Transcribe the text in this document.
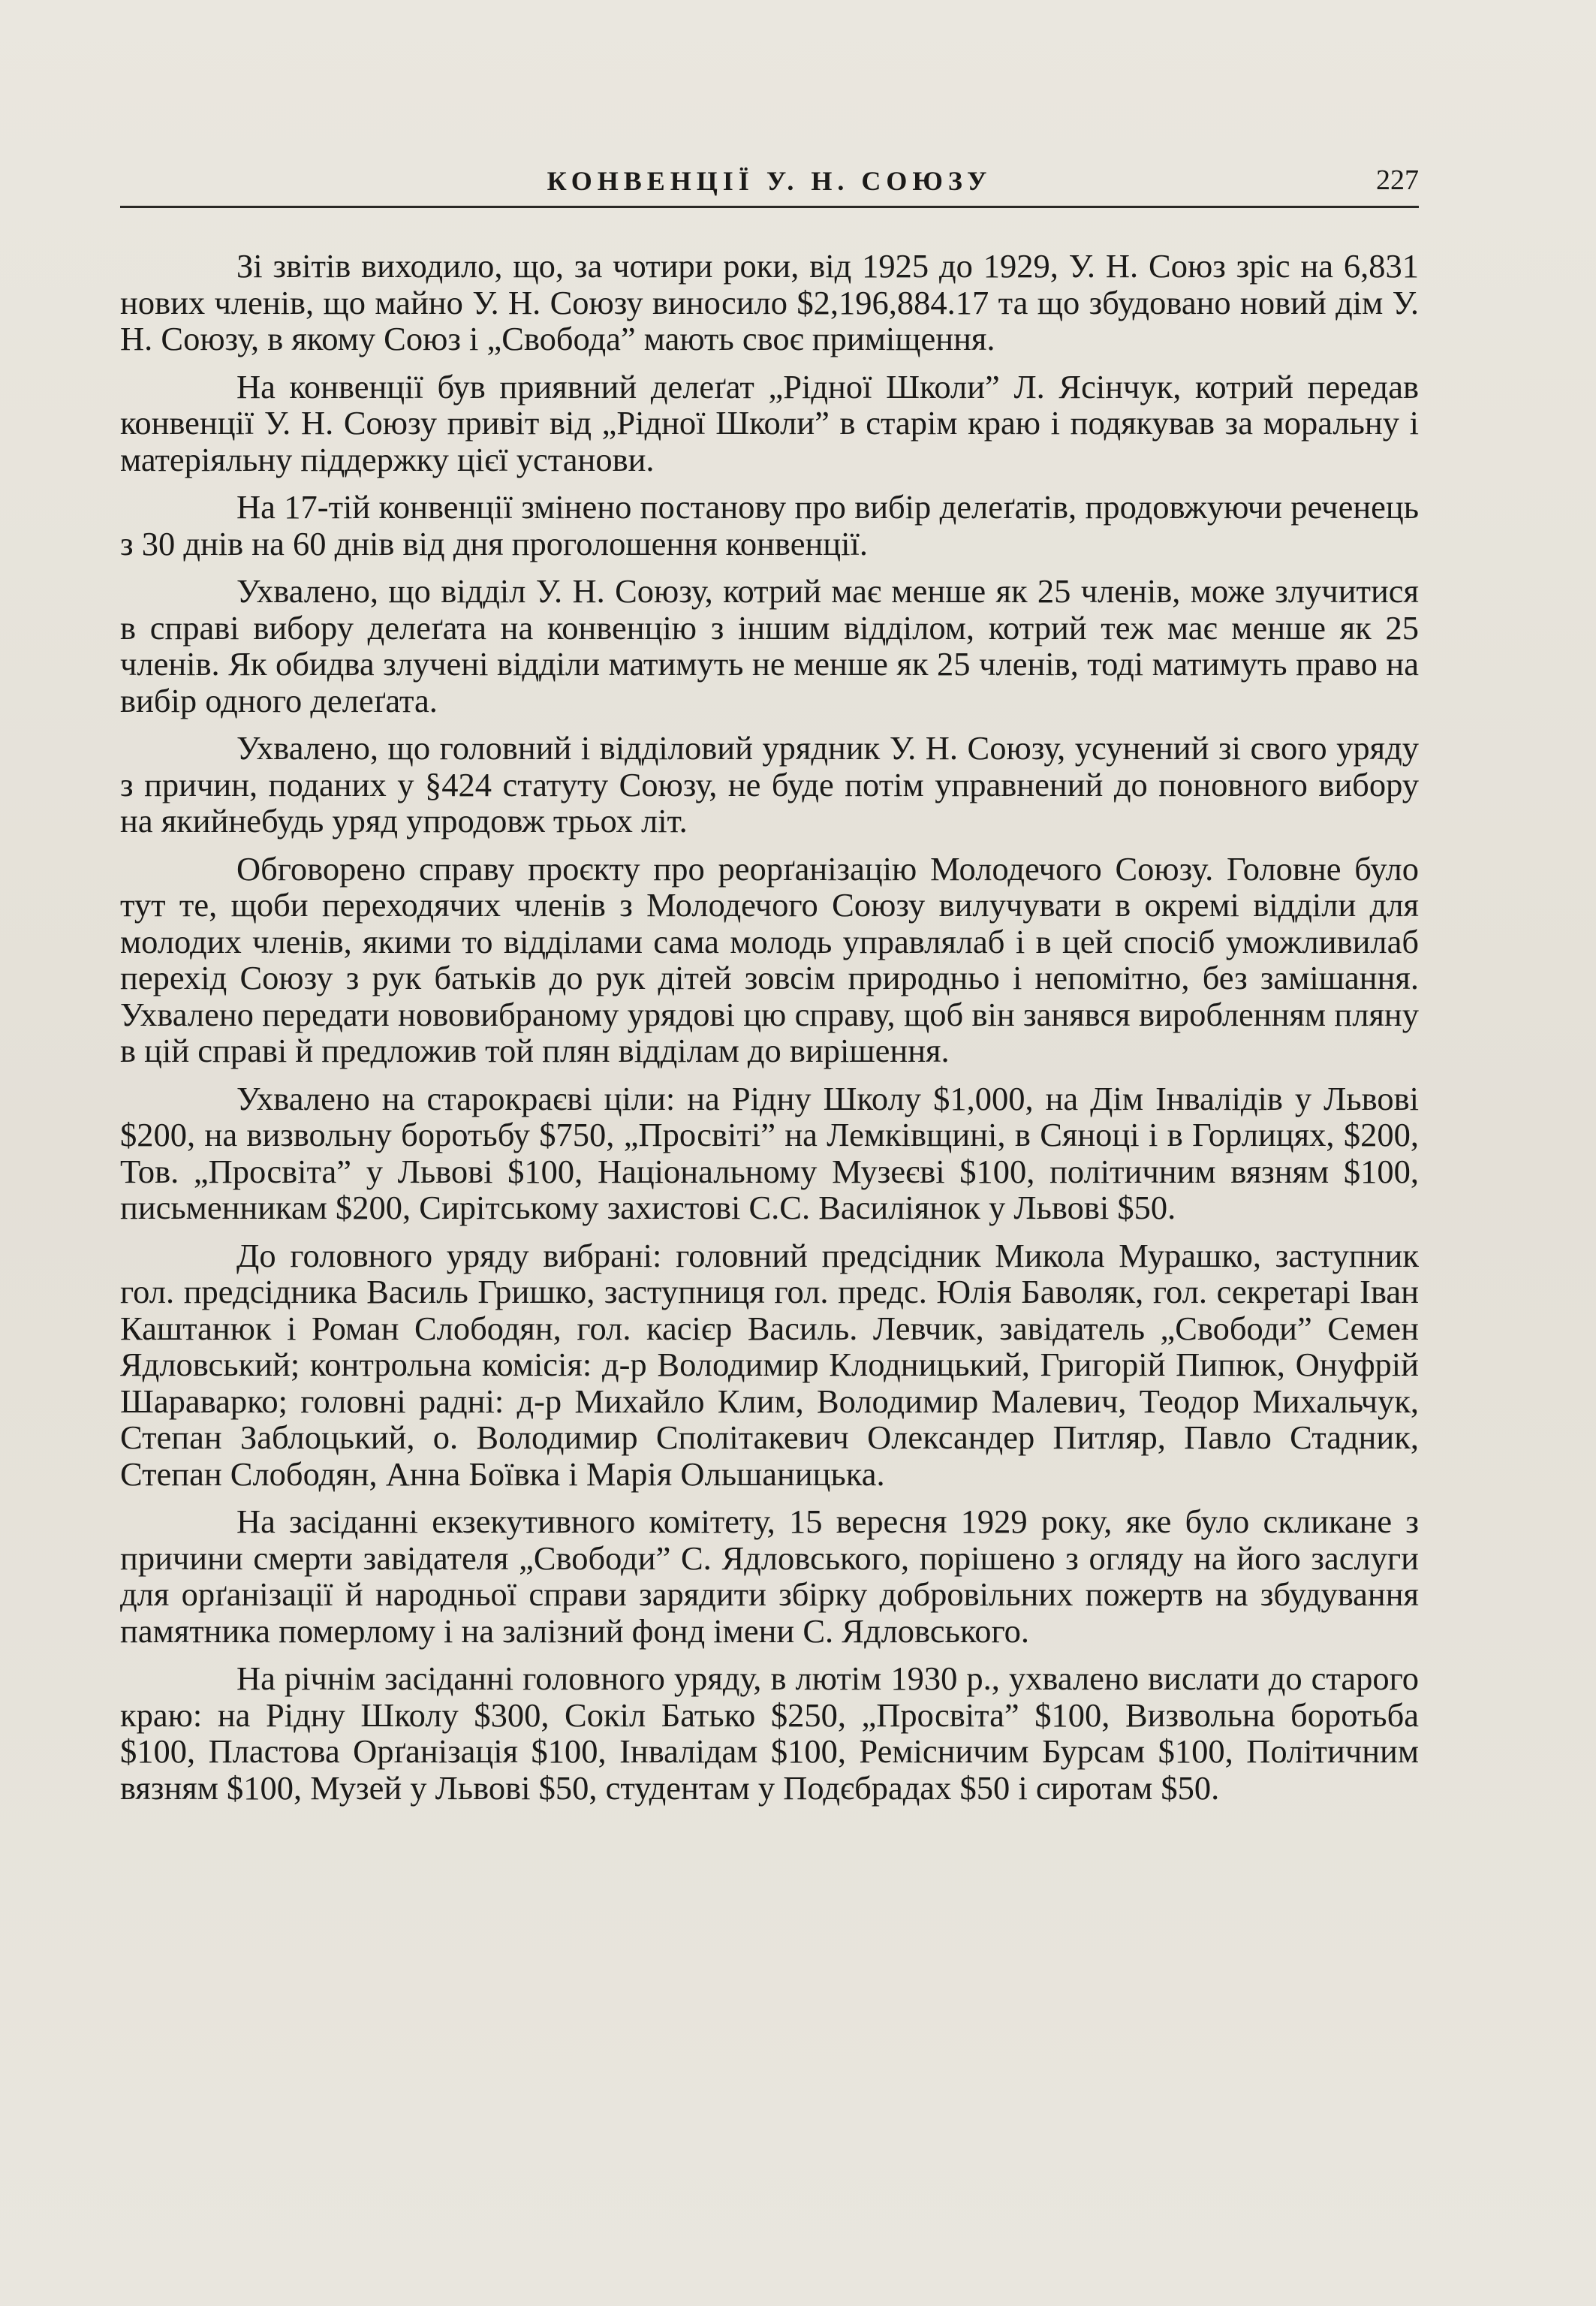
КОНВЕНЦІЇ У. Н. СОЮЗУ	227

Зі звітів виходило, що, за чотири роки, від 1925 до 1929, У. Н. Союз зріс на 6,831 нових членів, що майно У. Н. Союзу виносило $2,196,884.17 та що збудовано новий дім У. Н. Союзу, в якому Союз і „Свобода” мають своє приміщення.

На конвенції був приявний делеґат „Рідної Школи” Л. Ясінчук, котрий передав конвенції У. Н. Союзу привіт від „Рідної Школи” в старім краю і подякував за моральну і матеріяльну піддержку цієї установи.

На 17-тій конвенції змінено постанову про вибір делеґатів, продовжуючи реченець з 30 днів на 60 днів від дня проголошення конвенції.

Ухвалено, що відділ У. Н. Союзу, котрий має менше як 25 членів, може злучитися в справі вибору делеґата на конвенцію з іншим відділом, котрий теж має менше як 25 членів. Як обидва злучені відділи матимуть не менше як 25 членів, тоді матимуть право на вибір одного делеґата.

Ухвалено, що головний і відділовий урядник У. Н. Союзу, усунений зі свого уряду з причин, поданих у §424 статуту Союзу, не буде потім управнений до поновного вибору на якийнебудь уряд упродовж трьох літ.

Обговорено справу проєкту про реорґанізацію Молодечого Союзу. Головне було тут те, щоби переходячих членів з Молодечого Союзу вилучувати в окремі відділи для молодих членів, якими то відділами сама молодь управлялаб і в цей спосіб уможливилаб перехід Союзу з рук батьків до рук дітей зовсім природньо і непомітно, без замішання. Ухвалено передати нововибраному урядові цю справу, щоб він занявся виробленням пляну в цій справі й предложив той плян відділам до вирішення.

Ухвалено на старокраєві ціли: на Рідну Школу $1,000, на Дім Інвалідів у Львові $200, на визвольну боротьбу $750, „Просвіті” на Лемківщині, в Сяноці і в Горлицях, $200, Тов. „Просвіта” у Львові $100, Національному Музеєві $100, політичним вязням $100, письменникам $200, Сирітському захистові С.С. Василіянок у Львові $50.

До головного уряду вибрані: головний предсідник Микола Мурашко, заступник гол. предсідника Василь Гришко, заступниця гол. предс. Юлія Баволяк, гол. секретарі Іван Каштанюк і Роман Слободян, гол. касієр Василь. Левчик, завідатель „Свободи” Семен Ядловський; контрольна комісія: д-р Володимир Клодницький, Григорій Пипюк, Онуфрій Шараварко; головні радні: д-р Михайло Клим, Володимир Малевич, Теодор Михальчук, Степан Заблоцький, о. Володимир Сполітакевич Олександер Питляр, Павло Стадник, Степан Слободян, Анна Боївка і Марія Ольшаницька.

На засіданні екзекутивного комітету, 15 вересня 1929 року, яке було скликане з причини смерти завідателя „Свободи” С. Ядловського, порішено з огляду на його заслуги для орґанізації й народньої справи зарядити збірку добровільних пожертв на збудування памятника померлому і на залізний фонд імени С. Ядловського.

На річнім засіданні головного уряду, в лютім 1930 р., ухвалено вислати до старого краю: на Рідну Школу $300, Сокіл Батько $250, „Просвіта” $100, Визвольна боротьба $100, Пластова Орґанізація $100, Інвалідам $100, Ремісничим Бурсам $100, Політичним вязням $100, Музей у Львові $50, студентам у Подєбрадах $50 і сиротам $50.
